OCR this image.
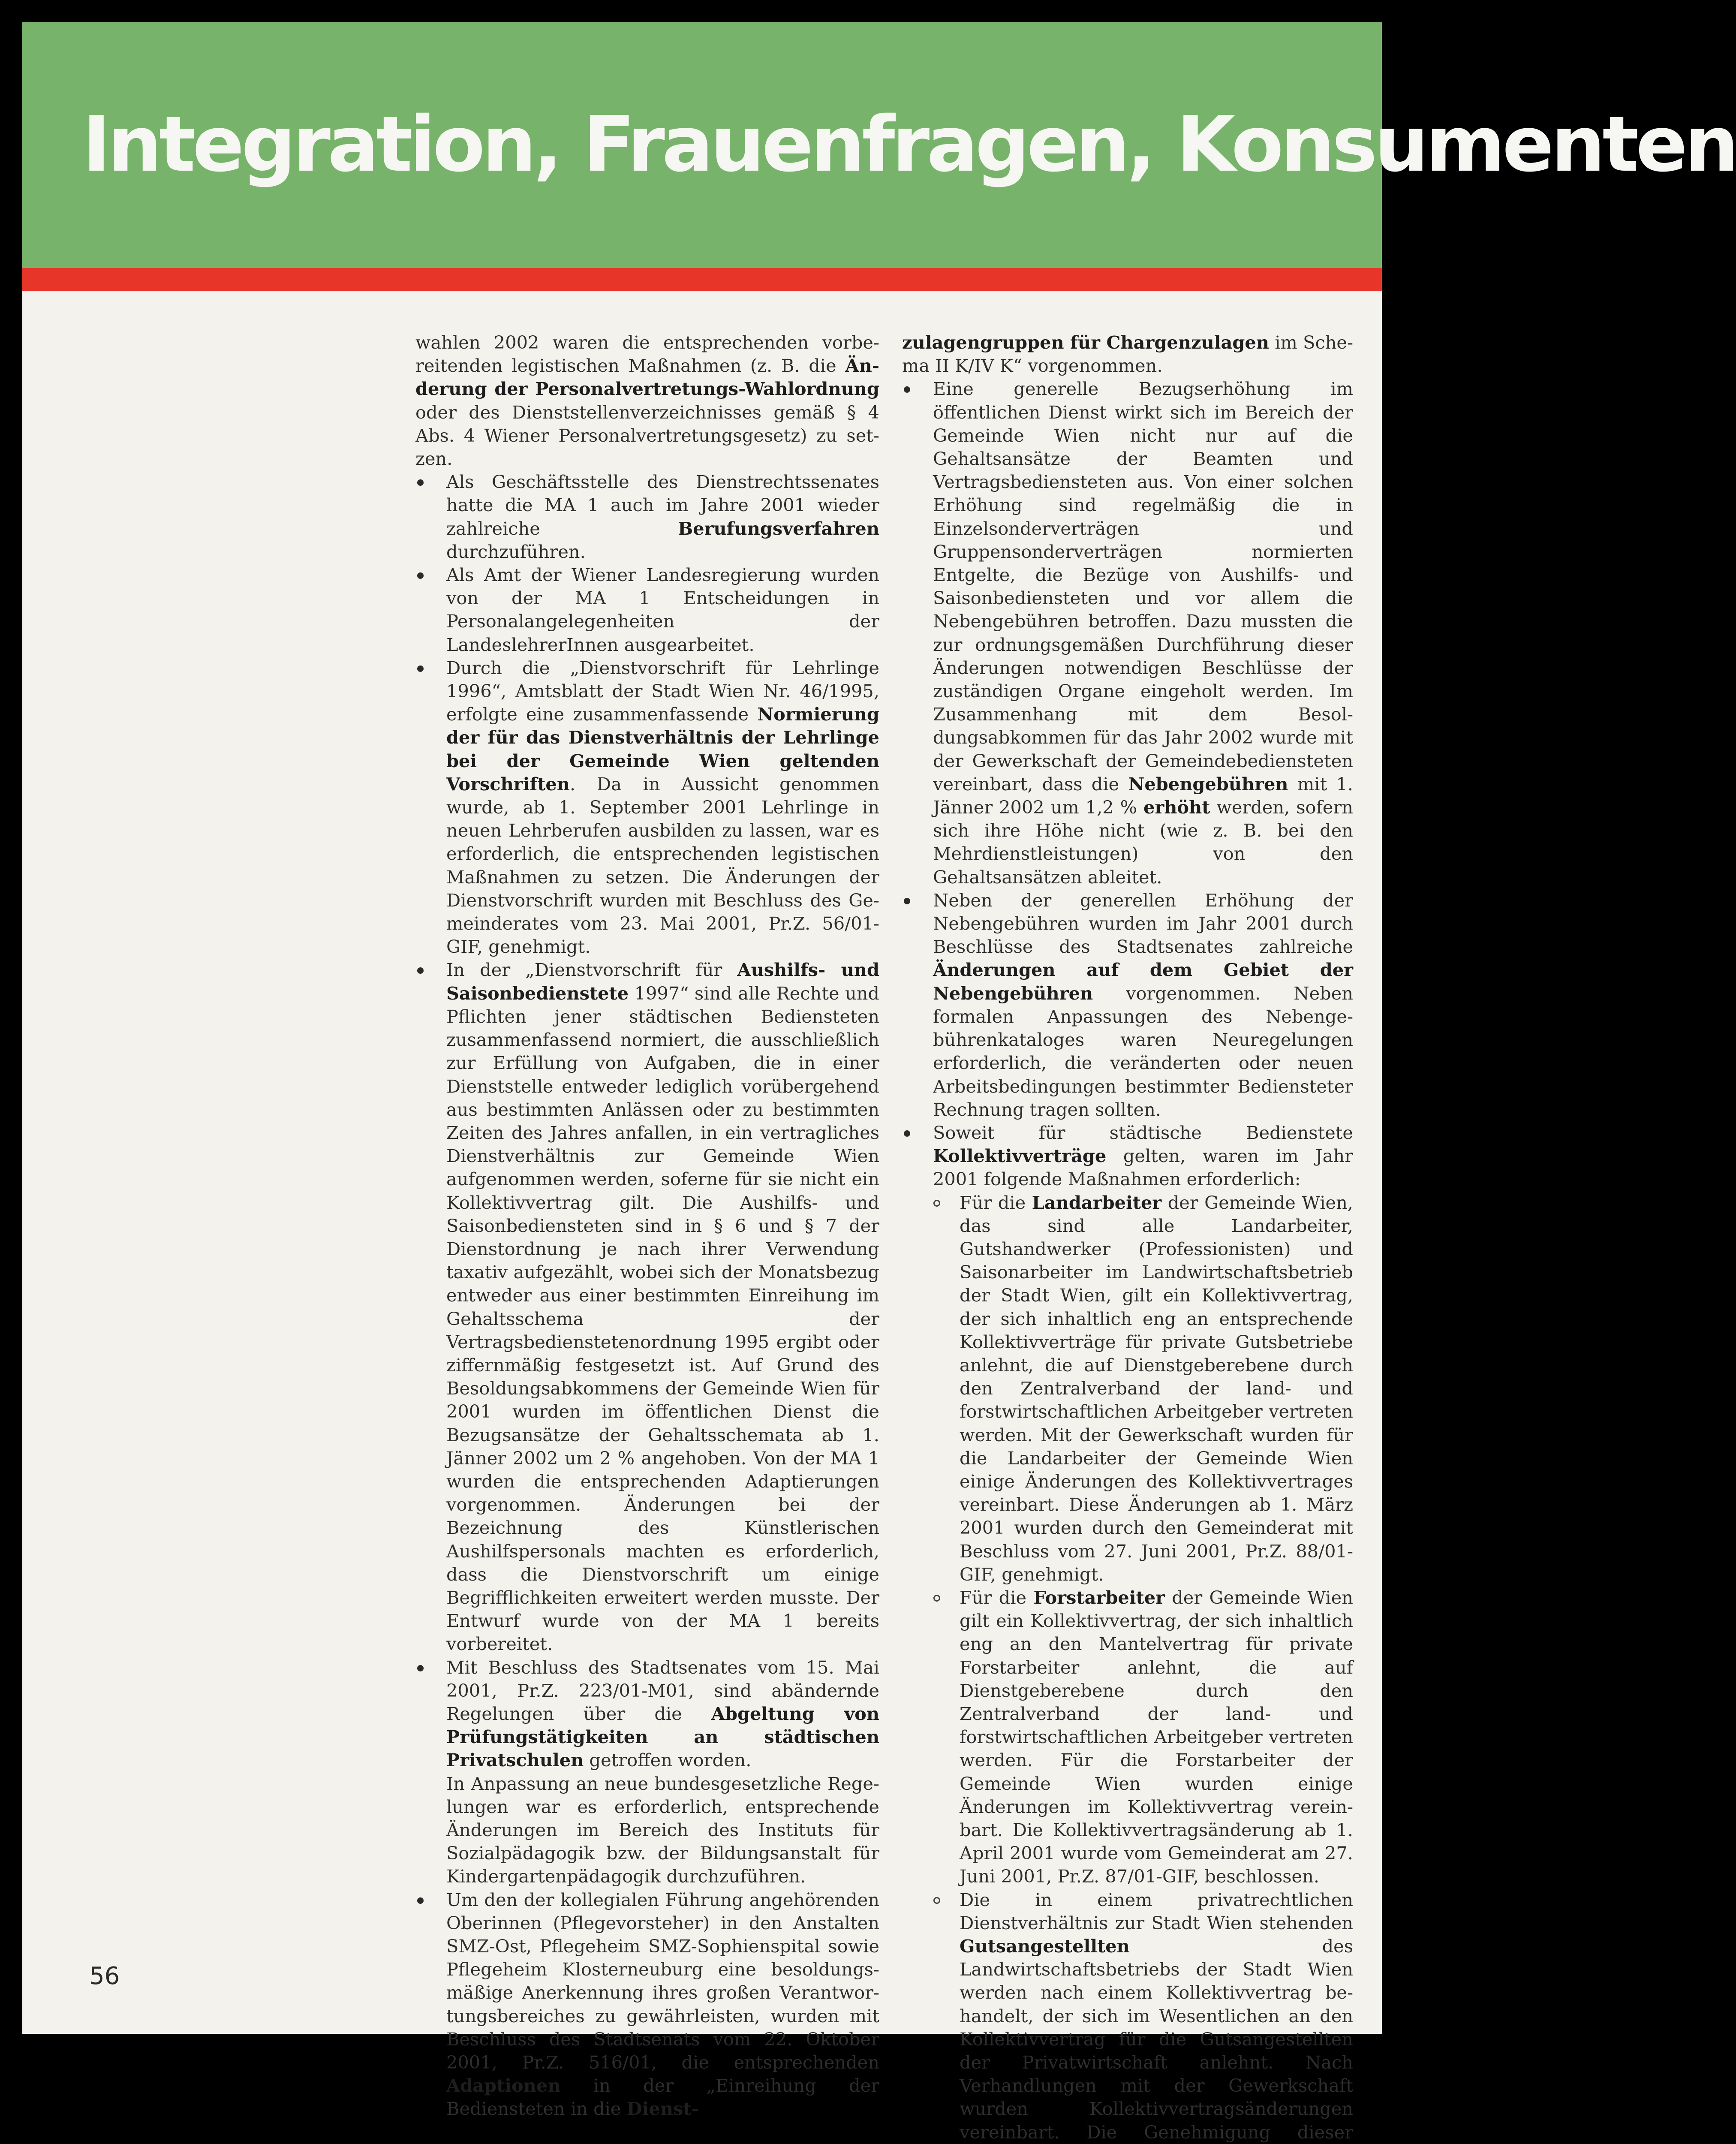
Integration, Frauenfragen, Konsumenten

wahlen 2002 waren die entsprechenden vorbereitenden legistischen Maßnahmen (z. B. die Änderung der Personalvertretungs-Wahlordnung oder des Dienststellenverzeichnisses gemäß § 4 Abs. 4 Wiener Personalvertretungsgesetz) zu setzen.

Als Geschäftsstelle des Dienstrechtssenates hatte die MA 1 auch im Jahre 2001 wieder zahlreiche Berufungsverfahren durchzuführen.

Als Amt der Wiener Landesregierung wurden von der MA 1 Entscheidungen in Personalangelegenheiten der LandeslehrerInnen ausgearbeitet.

Durch die „Dienstvorschrift für Lehrlinge 1996“, Amtsblatt der Stadt Wien Nr. 46/1995, erfolgte eine zusammenfassende Normierung der für das Dienstverhältnis der Lehrlinge bei der Gemeinde Wien geltenden Vorschriften. Da in Aussicht genommen wurde, ab 1. September 2001 Lehrlinge in neuen Lehrberufen ausbilden zu lassen, war es erforderlich, die entsprechenden legistischen Maßnahmen zu setzen. Die Änderungen der Dienstvorschrift wurden mit Beschluss des Gemeinderates vom 23. Mai 2001, Pr.Z. 56/01-GIF, genehmigt.

In der „Dienstvorschrift für Aushilfs- und Saisonbedienstete 1997“ sind alle Rechte und Pflichten jener städtischen Bediensteten zusammenfassend normiert, die ausschließlich zur Erfüllung von Aufgaben, die in einer Dienststelle entweder lediglich vorübergehend aus bestimmten Anlässen oder zu bestimmten Zeiten des Jahres anfallen, in ein vertragliches Dienstverhältnis zur Gemeinde Wien aufgenommen werden, soferne für sie nicht ein Kollektivvertrag gilt. Die Aushilfs- und Saisonbediensteten sind in § 6 und § 7 der Dienstordnung je nach ihrer Verwendung taxativ aufgezählt, wobei sich der Monatsbezug entweder aus einer bestimmten Einreihung im Gehaltsschema der Vertragsbedienstetenordnung 1995 ergibt oder ziffernmäßig festgesetzt ist. Auf Grund des Besoldungsabkommens der Gemeinde Wien für 2001 wurden im öffentlichen Dienst die Bezugsansätze der Gehaltsschemata ab 1. Jänner 2002 um 2 % angehoben. Von der MA 1 wurden die entsprechenden Adaptierungen vorgenommen. Änderungen bei der Bezeichnung des Künstlerischen Aushilfspersonals machten es erforderlich, dass die Dienstvorschrift um einige Begrifflichkeiten erweitert werden musste. Der Entwurf wurde von der MA 1 bereits vorbereitet.

Mit Beschluss des Stadtsenates vom 15. Mai 2001, Pr.Z. 223/01-M01, sind abändernde Regelungen über die Abgeltung von Prüfungstätigkeiten an städtischen Privatschulen getroffen worden.

In Anpassung an neue bundesgesetzliche Regelungen war es erforderlich, entsprechende Änderungen im Bereich des Instituts für Sozialpädagogik bzw. der Bildungsanstalt für Kindergartenpädagogik durchzuführen.

Um den der kollegialen Führung angehörenden Oberinnen (Pflegevorsteher) in den Anstalten SMZ-Ost, Pflegeheim SMZ-Sophienspital sowie Pflegeheim Klosterneuburg eine besoldungsmäßige Anerkennung ihres großen Verantwortungsbereiches zu gewährleisten, wurden mit Beschluss des Stadtsenats vom 22. Oktober 2001, Pr.Z. 516/01, die entsprechenden Adaptionen in der „Einreihung der Bediensteten in die Dienst-

zulagengruppen für Chargenzulagen im Schema II K/IV K“ vorgenommen.

Eine generelle Bezugserhöhung im öffentlichen Dienst wirkt sich im Bereich der Gemeinde Wien nicht nur auf die Gehaltsansätze der Beamten und Vertragsbediensteten aus. Von einer solchen Erhöhung sind regelmäßig die in Einzelsonderverträgen und Gruppensonderverträgen normierten Entgelte, die Bezüge von Aushilfs- und Saisonbediensteten und vor allem die Nebengebühren betroffen. Dazu mussten die zur ordnungsgemäßen Durchführung dieser Änderungen notwendigen Beschlüsse der zuständigen Organe eingeholt werden. Im Zusammenhang mit dem Besoldungsabkommen für das Jahr 2002 wurde mit der Gewerkschaft der Gemeindebediensteten vereinbart, dass die Nebengebühren mit 1. Jänner 2002 um 1,2 % erhöht werden, sofern sich ihre Höhe nicht (wie z. B. bei den Mehrdienstleistungen) von den Gehaltsansätzen ableitet.

Neben der generellen Erhöhung der Nebengebühren wurden im Jahr 2001 durch Beschlüsse des Stadtsenates zahlreiche Änderungen auf dem Gebiet der Nebengebühren vorgenommen. Neben formalen Anpassungen des Nebengebührenkataloges waren Neuregelungen erforderlich, die veränderten oder neuen Arbeitsbedingungen bestimmter Bediensteter Rechnung tragen sollten.

Soweit für städtische Bedienstete Kollektivverträge gelten, waren im Jahr 2001 folgende Maßnahmen erforderlich:

Für die Landarbeiter der Gemeinde Wien, das sind alle Landarbeiter, Gutshandwerker (Professionisten) und Saisonarbeiter im Landwirtschaftsbetrieb der Stadt Wien, gilt ein Kollektivvertrag, der sich inhaltlich eng an entsprechende Kollektivverträge für private Gutsbetriebe anlehnt, die auf Dienstgeberebene durch den Zentralverband der land- und forstwirtschaftlichen Arbeitgeber vertreten werden. Mit der Gewerkschaft wurden für die Landarbeiter der Gemeinde Wien einige Änderungen des Kollektivvertrages vereinbart. Diese Änderungen ab 1. März 2001 wurden durch den Gemeinderat mit Beschluss vom 27. Juni 2001, Pr.Z. 88/01-GIF, genehmigt.

Für die Forstarbeiter der Gemeinde Wien gilt ein Kollektivvertrag, der sich inhaltlich eng an den Mantelvertrag für private Forstarbeiter anlehnt, die auf Dienstgeberebene durch den Zentralverband der land- und forstwirtschaftlichen Arbeitgeber vertreten werden. Für die Forstarbeiter der Gemeinde Wien wurden einige Änderungen im Kollektivvertrag vereinbart. Die Kollektivvertragsänderung ab 1. April 2001 wurde vom Gemeinderat am 27. Juni 2001, Pr.Z. 87/01-GIF, beschlossen.

Die in einem privatrechtlichen Dienstverhältnis zur Stadt Wien stehenden Gutsangestellten	des Landwirtschaftsbetriebs der Stadt Wien werden nach einem Kollektivvertrag behandelt, der sich im Wesentlichen an den Kollektivvertrag für die Gutsangestellten der Privatwirtschaft anlehnt. Nach Verhandlungen mit der Gewerkschaft wurden Kollektivvertragsänderungen vereinbart. Die Genehmigung dieser

56
